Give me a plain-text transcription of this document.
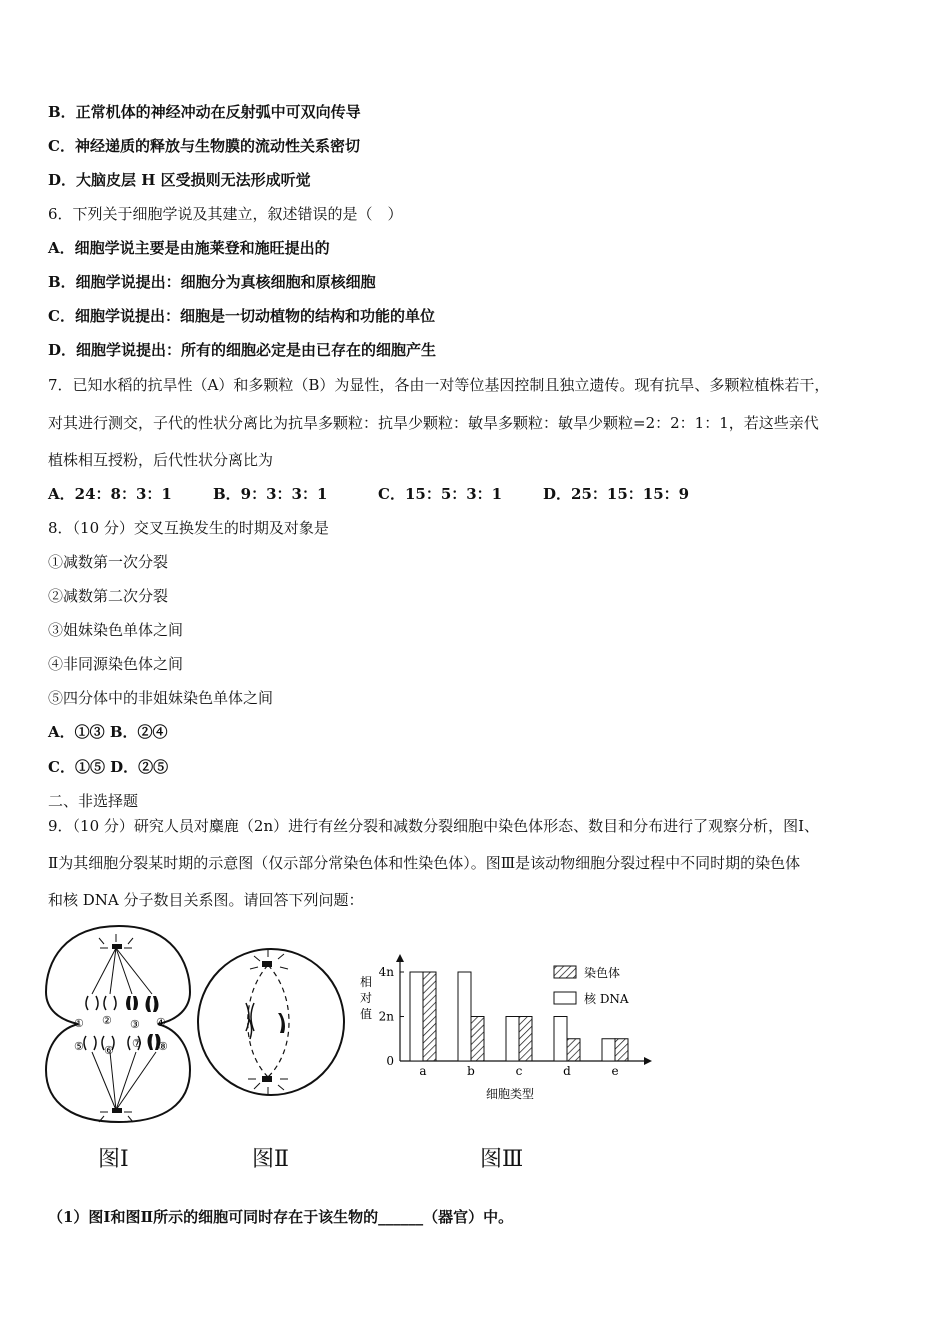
B．正常机体的神经冲动在反射弧中可双向传导
C．神经递质的释放与生物膜的流动性关系密切
D．大脑皮层 H 区受损则无法形成听觉
6．下列关于细胞学说及其建立，叙述错误的是（　）
A．细胞学说主要是由施莱登和施旺提出的
B．细胞学说提出：细胞分为真核细胞和原核细胞
C．细胞学说提出：细胞是一切动植物的结构和功能的单位
D．细胞学说提出：所有的细胞必定是由已存在的细胞产生
7．已知水稻的抗旱性（A）和多颗粒（B）为显性，各由一对等位基因控制且独立遗传。现有抗旱、多颗粒植株若干，
对其进行测交，子代的性状分离比为抗旱多颗粒：抗旱少颗粒：敏旱多颗粒：敏旱少颗粒=2：2：1：1，若这些亲代
植株相互授粉，后代性状分离比为
A．24：8：3：1	B．9：3：3：1	C．15：5：3：1	D．25：15：15：9
8．（10 分）交叉互换发生的时期及对象是
①减数第一次分裂
②减数第二次分裂
③姐妹染色单体之间
④非同源染色体之间
⑤四分体中的非姐妹染色单体之间
A．①③ B．②④
C．①⑤ D．②⑤
二、非选择题
9．（10 分）研究人员对麋鹿（2n）进行有丝分裂和减数分裂细胞中染色体形态、数目和分布进行了观察分析，图Ⅰ、
Ⅱ为其细胞分裂某时期的示意图（仅示部分常染色体和性染色体）。图Ⅲ是该动物细胞分裂过程中不同时期的染色体
和核 DNA 分子数目关系图。请回答下列问题：
① ② ③ ④
⑤ ⑥
⑦ ⑧
图Ⅰ	图Ⅱ
相
对
值
0
2n
4n
a	b	c	d	e
细胞类型
染色体
核 DNA
图Ⅲ
（1）图Ⅰ和图Ⅱ所示的细胞可同时存在于该生物的______（器官）中。
